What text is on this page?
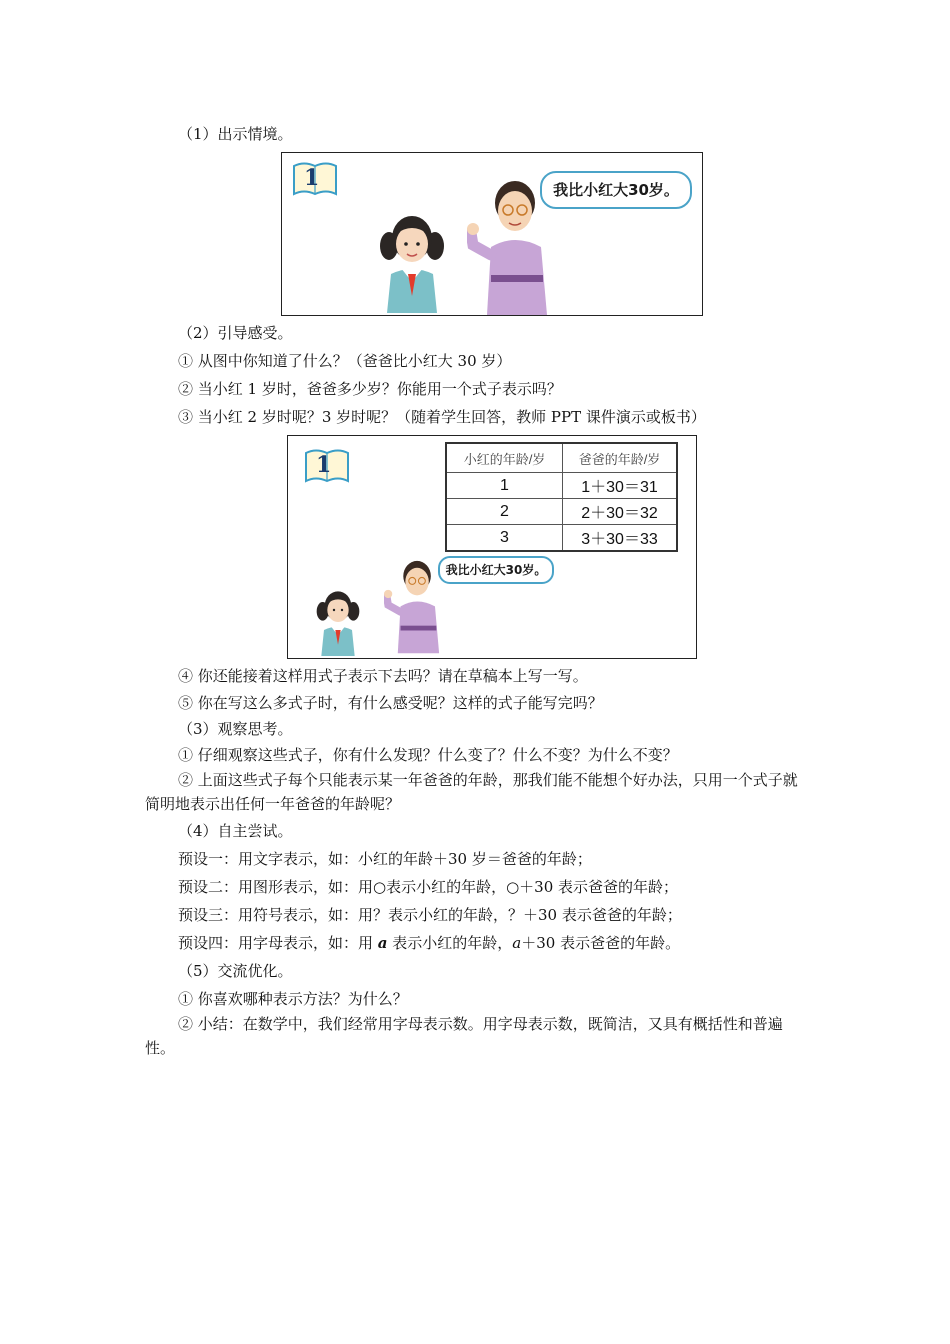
（1）出示情境。
1	我比小红大30岁。
（2）引导感受。
① 从图中你知道了什么？（爸爸比小红大 30 岁）
② 当小红 1 岁时，爸爸多少岁？你能用一个式子表示吗？
③ 当小红 2 岁时呢？3 岁时呢？（随着学生回答，教师 PPT 课件演示或板书）
1	小红的年龄/岁	爸爸的年龄/岁
1	1＋30＝31
2	2＋30＝32
3	3＋30＝33
我比小红大30岁。
④ 你还能接着这样用式子表示下去吗？请在草稿本上写一写。
⑤ 你在写这么多式子时，有什么感受呢？这样的式子能写完吗？
（3）观察思考。
① 仔细观察这些式子，你有什么发现？什么变了？什么不变？为什么不变？
② 上面这些式子每个只能表示某一年爸爸的年龄，那我们能不能想个好办法，只用一个式子就简明地表示出任何一年爸爸的年龄呢？
（4）自主尝试。
预设一：用文字表示，如：小红的年龄＋30 岁＝爸爸的年龄；
预设二：用图形表示，如：用○表示小红的年龄，○＋30 表示爸爸的年龄；
预设三：用符号表示，如：用？表示小红的年龄，？＋30 表示爸爸的年龄；
预设四：用字母表示，如：用 a 表示小红的年龄，a＋30 表示爸爸的年龄。
（5）交流优化。
① 你喜欢哪种表示方法？为什么？
② 小结：在数学中，我们经常用字母表示数。用字母表示数，既简洁，又具有概括性和普遍性。
